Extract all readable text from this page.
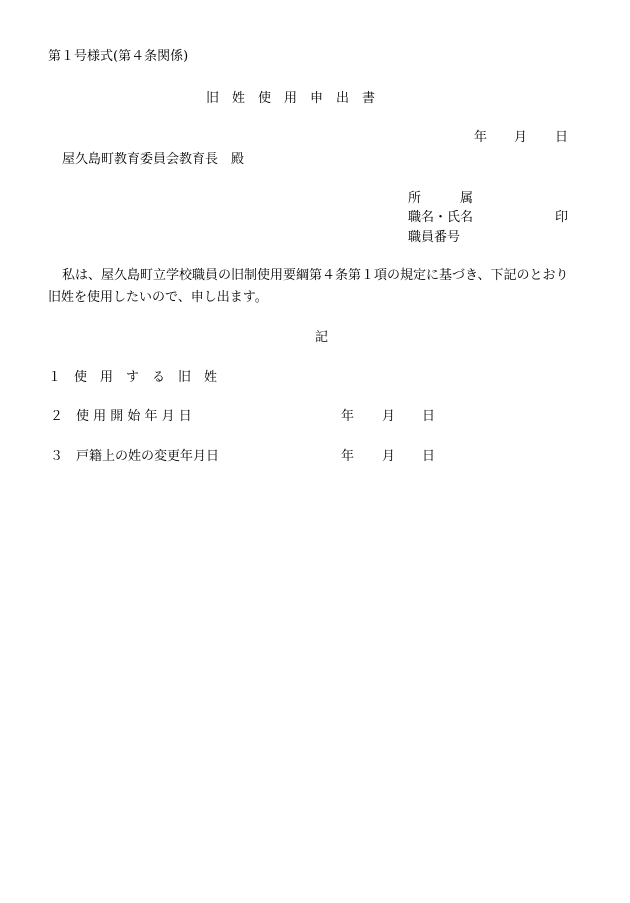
第１号様式(第４条関係)
旧　姓　使　用　申　出　書
年 月 日
屋久島町教育委員会教育長　殿
所　　　属
職名・氏名	印
職員番号
私は、屋久島町立学校職員の旧制使用要綱第４条第１項の規定に基づき、下記のとおり
旧姓を使用したいので、申し出ます。
記
１　使　用　す　る　旧　姓
２　使 用 開 始 年 月 日	年 月 日
３　戸籍上の姓の変更年月日	年 月 日
